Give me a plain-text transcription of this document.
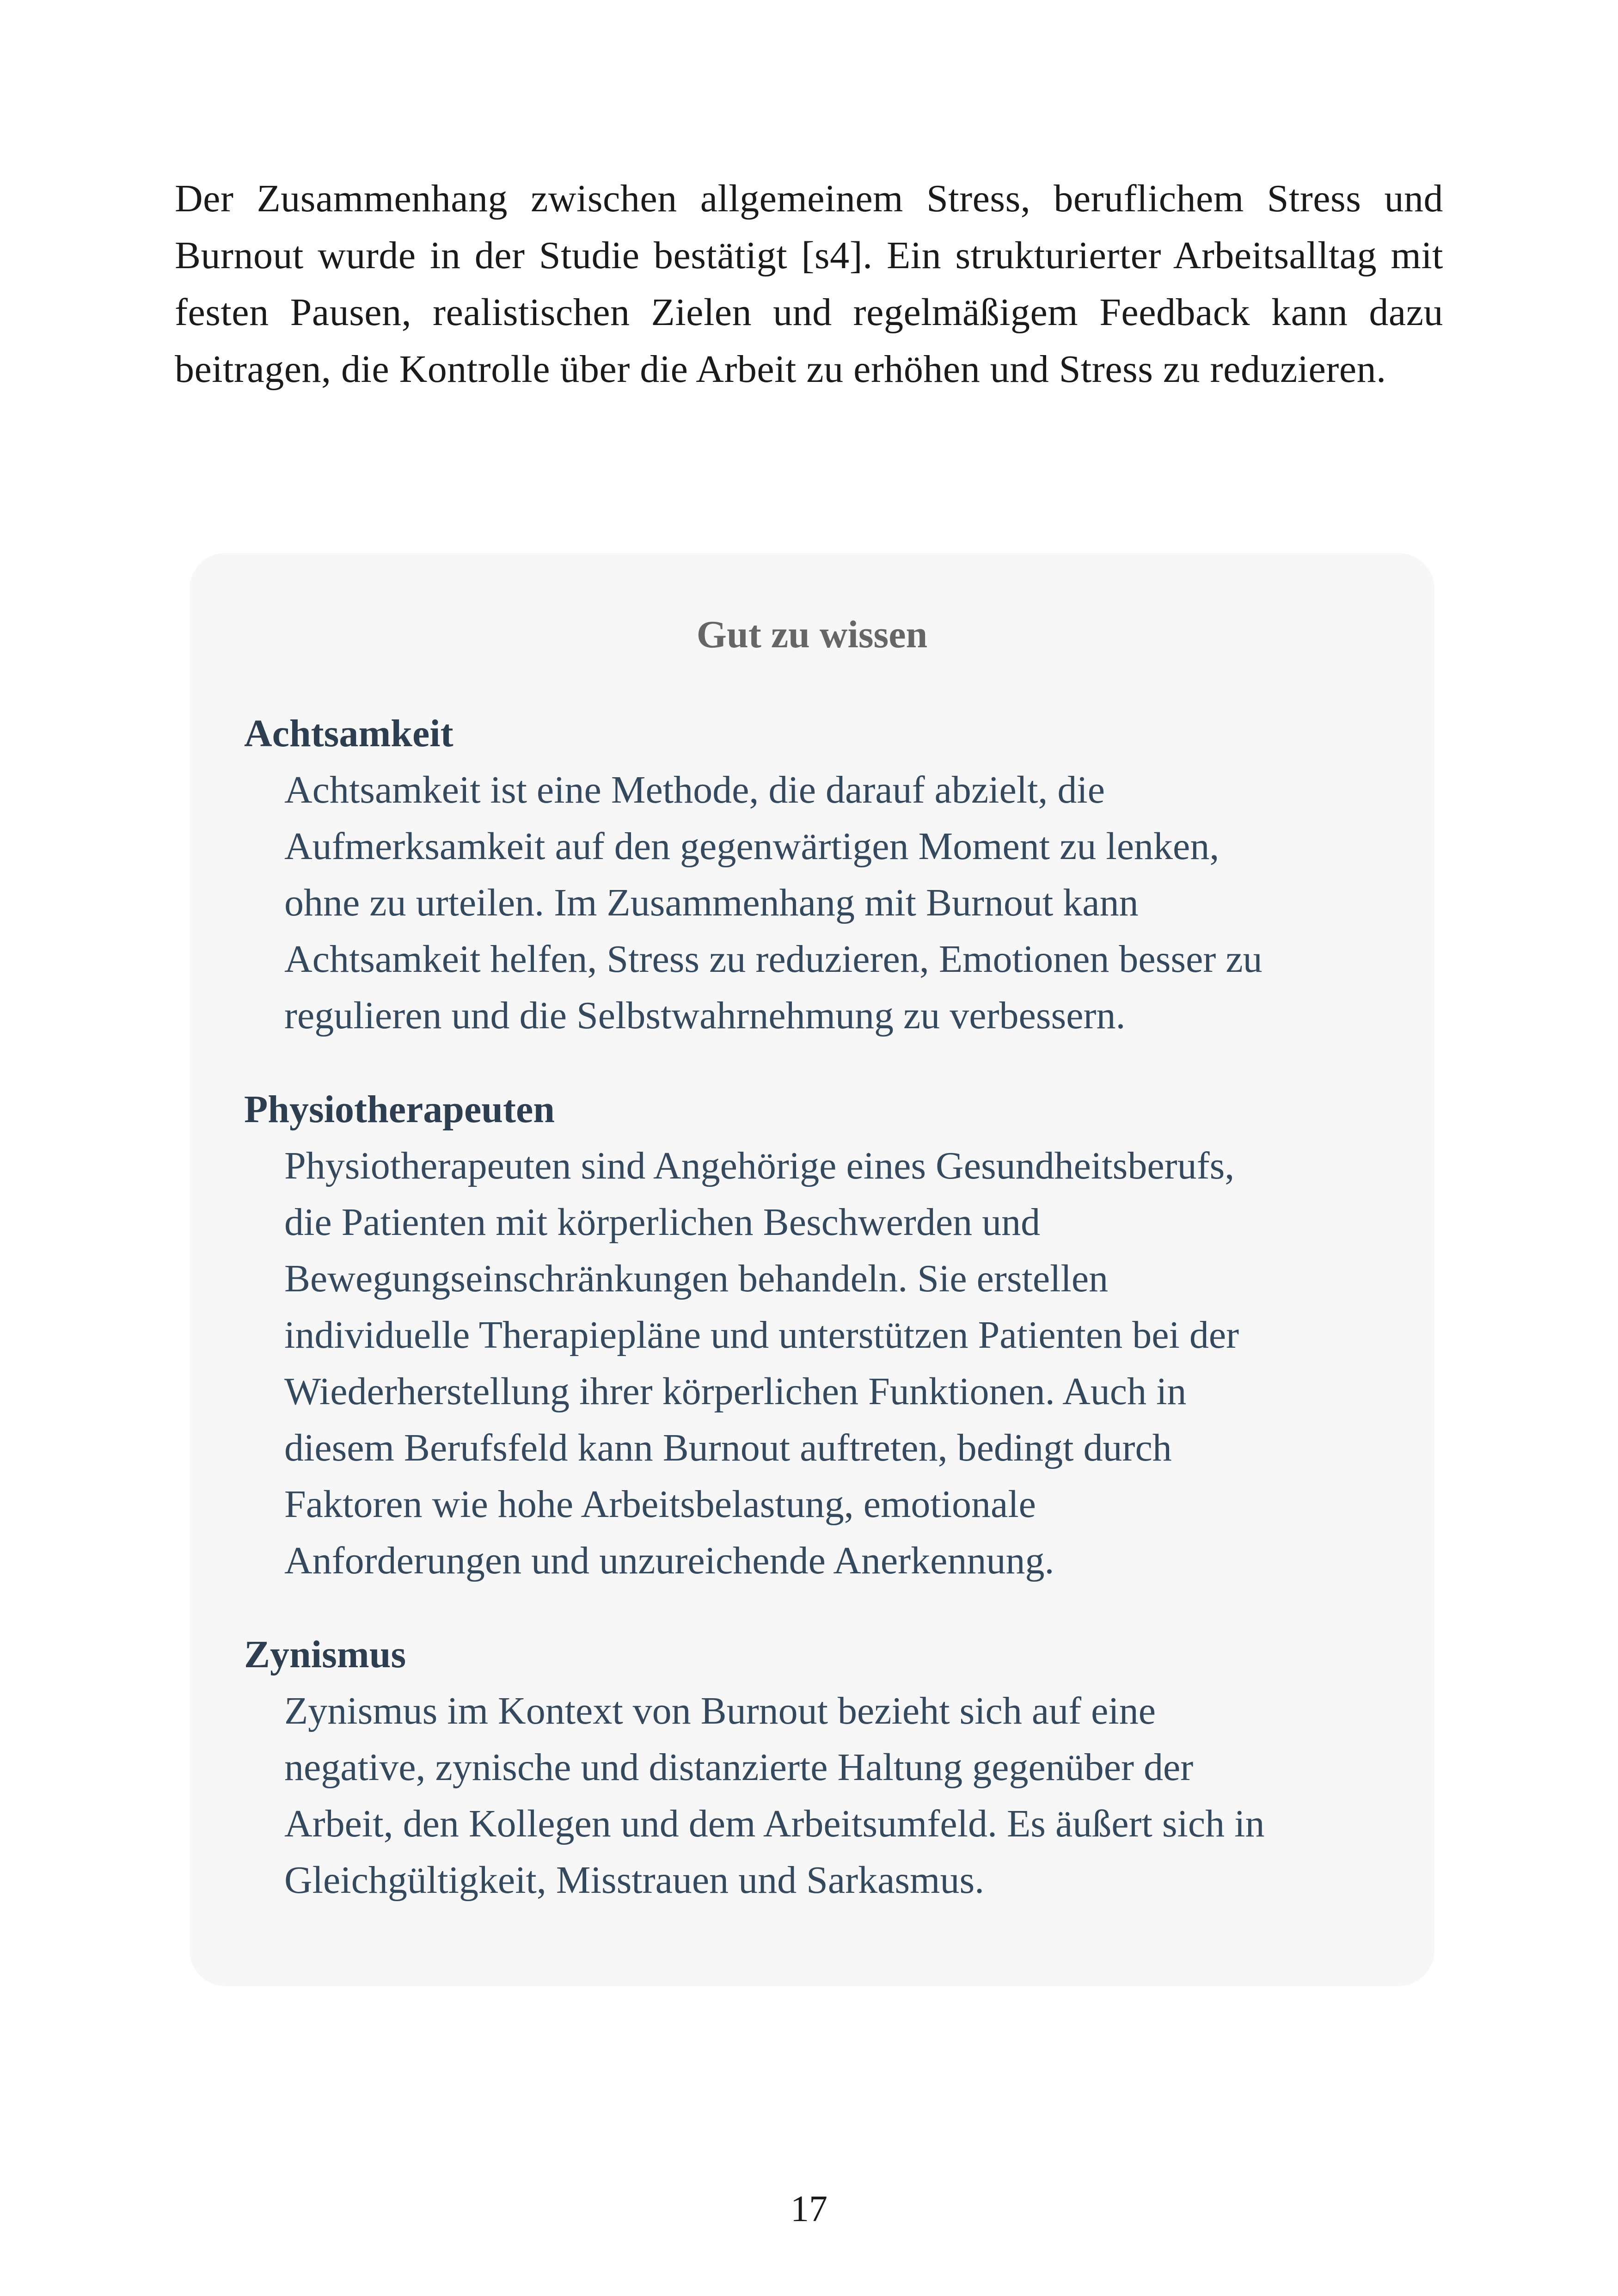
Der Zusammenhang zwischen allgemeinem Stress, beruflichem Stress und Burnout wurde in der Studie bestätigt [s4]. Ein strukturierter Arbeitsalltag mit festen Pausen, realistischen Zielen und regelmäßigem Feedback kann dazu beitragen, die Kontrolle über die Arbeit zu erhöhen und Stress zu reduzieren.

Gut zu wissen

Achtsamkeit

Achtsamkeit ist eine Methode, die darauf abzielt, die
Aufmerksamkeit auf den gegenwärtigen Moment zu lenken,
ohne zu urteilen. Im Zusammenhang mit Burnout kann
Achtsamkeit helfen, Stress zu reduzieren, Emotionen besser zu
regulieren und die Selbstwahrnehmung zu verbessern.

Physiotherapeuten

Physiotherapeuten sind Angehörige eines Gesundheitsberufs,
die Patienten mit körperlichen Beschwerden und
Bewegungseinschränkungen behandeln. Sie erstellen
individuelle Therapiepläne und unterstützen Patienten bei der
Wiederherstellung ihrer körperlichen Funktionen. Auch in
diesem Berufsfeld kann Burnout auftreten, bedingt durch
Faktoren wie hohe Arbeitsbelastung, emotionale
Anforderungen und unzureichende Anerkennung.

Zynismus

Zynismus im Kontext von Burnout bezieht sich auf eine
negative, zynische und distanzierte Haltung gegenüber der
Arbeit, den Kollegen und dem Arbeitsumfeld. Es äußert sich in
Gleichgültigkeit, Misstrauen und Sarkasmus.

17
